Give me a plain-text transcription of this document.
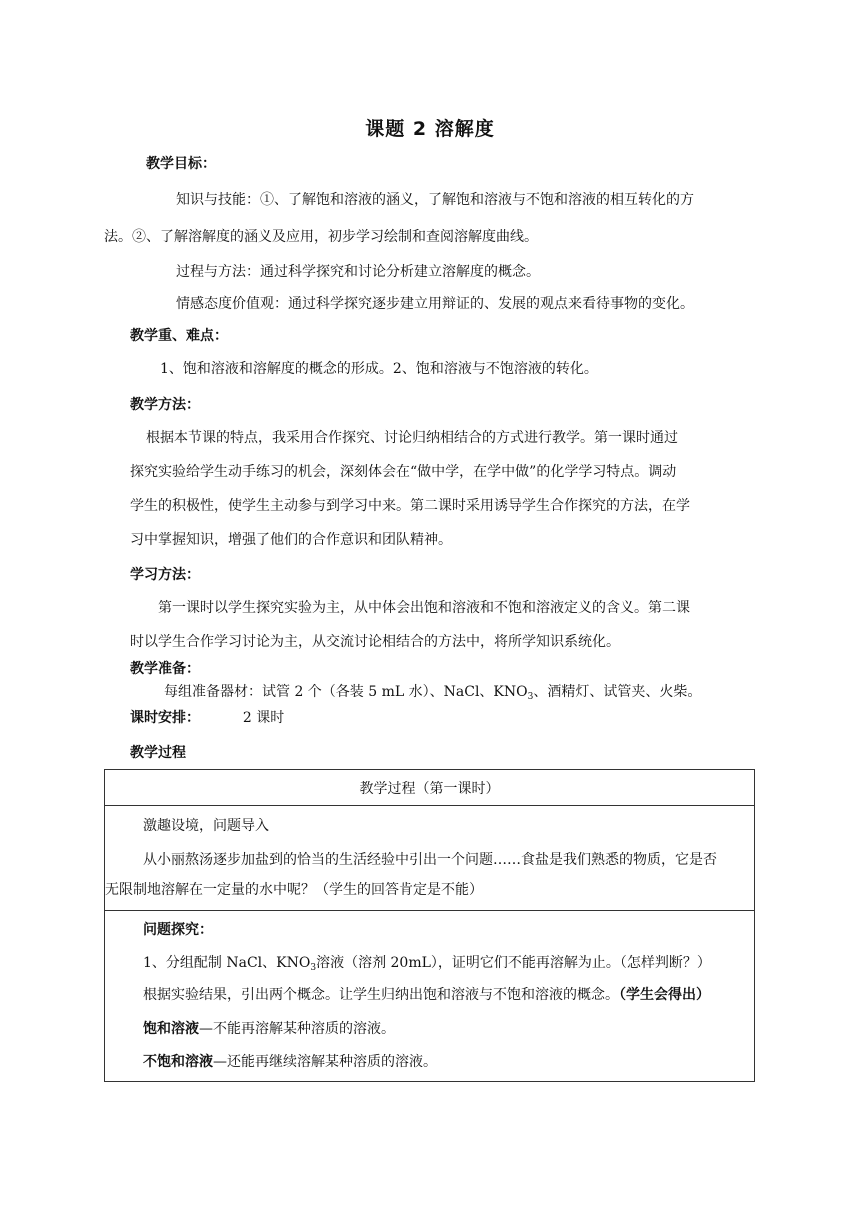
课题 2 溶解度
教学目标：
知识与技能：①、了解饱和溶液的涵义，了解饱和溶液与不饱和溶液的相互转化的方
法。②、了解溶解度的涵义及应用，初步学习绘制和查阅溶解度曲线。
过程与方法：通过科学探究和讨论分析建立溶解度的概念。
情感态度价值观：通过科学探究逐步建立用辩证的、发展的观点来看待事物的变化。
教学重、难点：
1、饱和溶液和溶解度的概念的形成。2、饱和溶液与不饱溶液的转化。
教学方法：
根据本节课的特点，我采用合作探究、讨论归纳相结合的方式进行教学。第一课时通过
探究实验给学生动手练习的机会，深刻体会在“做中学，在学中做”的化学学习特点。调动
学生的积极性，使学生主动参与到学习中来。第二课时采用诱导学生合作探究的方法，在学
习中掌握知识，增强了他们的合作意识和团队精神。
学习方法：
第一课时以学生探究实验为主，从中体会出饱和溶液和不饱和溶液定义的含义。第二课
时以学生合作学习讨论为主，从交流讨论相结合的方法中，将所学知识系统化。
教学准备：
每组准备器材：试管 2 个（各装 5 mL 水）、NaCl、$KNO_3$、酒精灯、试管夹、火柴。
课时安排：	2 课时
教学过程
教学过程（第一课时）
激趣设境，问题导入
从小丽熬汤逐步加盐到的恰当的生活经验中引出一个问题……食盐是我们熟悉的物质，它是否
无限制地溶解在一定量的水中呢？（学生的回答肯定是不能）
问题探究：
1、分组配制 NaCl、$KNO_3$溶液（溶剂 20mL），证明它们不能再溶解为止。（怎样判断？）
根据实验结果，引出两个概念。让学生归纳出饱和溶液与不饱和溶液的概念。（学生会得出）
饱和溶液—不能再溶解某种溶质的溶液。
不饱和溶液—还能再继续溶解某种溶质的溶液。
